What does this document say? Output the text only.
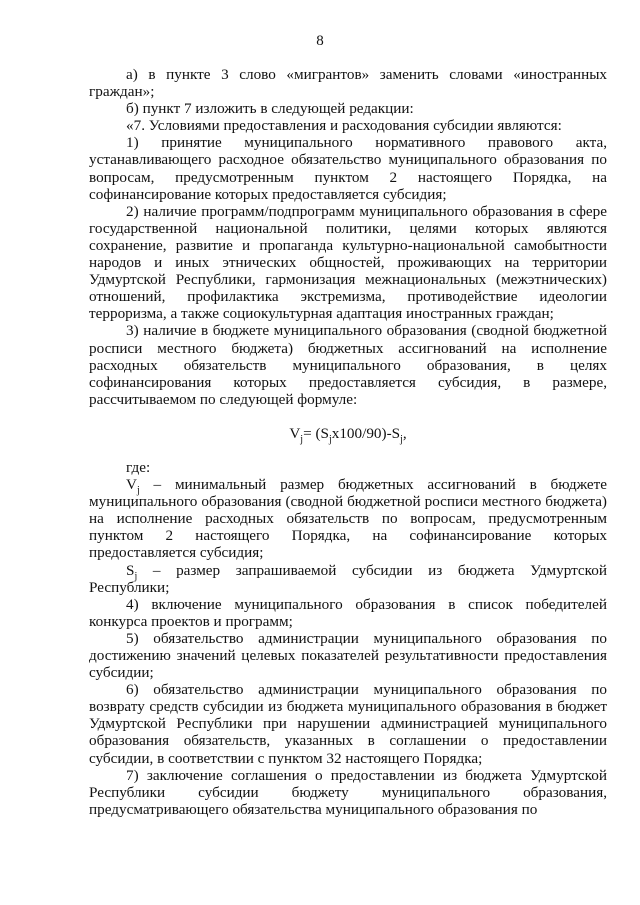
8

а) в пункте 3 слово «мигрантов» заменить словами «иностранных граждан»;

б) пункт 7 изложить в следующей редакции:

«7. Условиями предоставления и расходования субсидии являются:

1) принятие муниципального нормативного правового акта, устанавливающего расходное обязательство муниципального образования по вопросам, предусмотренным пунктом 2 настоящего Порядка, на софинансирование которых предоставляется субсидия;

2) наличие программ/подпрограмм муниципального образования в сфере государственной национальной политики, целями которых являются сохранение, развитие и пропаганда культурно-национальной самобытности народов и иных этнических общностей, проживающих на территории Удмуртской Республики, гармонизация межнациональных (межэтнических) отношений, профилактика экстремизма, противодействие идеологии терроризма, а также социокультурная адаптация иностранных граждан;

3) наличие в бюджете муниципального образования (сводной бюджетной росписи местного бюджета) бюджетных ассигнований на исполнение расходных обязательств муниципального образования, в целях софинансирования которых предоставляется субсидия, в размере, рассчитываемом по следующей формуле:

$V_j= (S_jx100/90)-S_j$,

где:

$V_j$ – минимальный размер бюджетных ассигнований в бюджете муниципального образования (сводной бюджетной росписи местного бюджета) на исполнение расходных обязательств по вопросам, предусмотренным пунктом 2 настоящего Порядка, на софинансирование которых предоставляется субсидия;

$S_j$ – размер запрашиваемой субсидии из бюджета Удмуртской Республики;

4) включение муниципального образования в список победителей конкурса проектов и программ;

5) обязательство администрации муниципального образования по достижению значений целевых показателей результативности предоставления субсидии;

6) обязательство администрации муниципального образования по возврату средств субсидии из бюджета муниципального образования в бюджет Удмуртской Республики при нарушении администрацией муниципального образования обязательств, указанных в соглашении о предоставлении субсидии, в соответствии с пунктом 32 настоящего Порядка;

7) заключение соглашения о предоставлении из бюджета Удмуртской Республики субсидии бюджету муниципального образования, предусматривающего обязательства муниципального образования по
